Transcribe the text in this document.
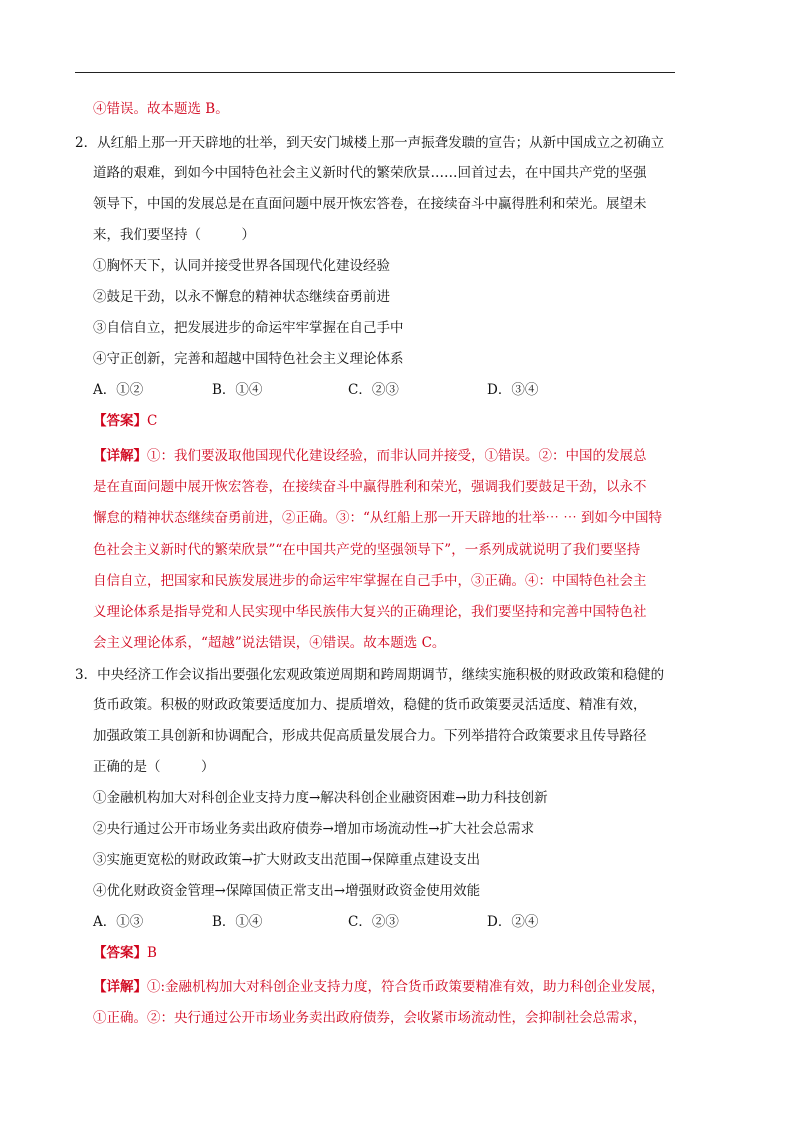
④错误。故本题选 B。
2．从红船上那一开天辟地的壮举，到天安门城楼上那一声振聋发聩的宣告；从新中国成立之初确立
道路的艰难，到如今中国特色社会主义新时代的繁荣欣景……回首过去，在中国共产党的坚强
领导下，中国的发展总是在直面问题中展开恢宏答卷，在接续奋斗中赢得胜利和荣光。展望未
来，我们要坚持（　　　）
①胸怀天下，认同并接受世界各国现代化建设经验
②鼓足干劲，以永不懈怠的精神状态继续奋勇前进
③自信自立，把发展进步的命运牢牢掌握在自己手中
④守正创新，完善和超越中国特色社会主义理论体系
A．①②	B．①④	C．②③	D．③④
【答案】C
【详解】①：我们要汲取他国现代化建设经验，而非认同并接受，①错误。②：中国的发展总
是在直面问题中展开恢宏答卷，在接续奋斗中赢得胜利和荣光，强调我们要鼓足干劲，以永不
懈怠的精神状态继续奋勇前进，②正确。③：“从红船上那一开天辟地的壮举⋯ ⋯ 到如今中国特
色社会主义新时代的繁荣欣景”“在中国共产党的坚强领导下”，一系列成就说明了我们要坚持
自信自立，把国家和民族发展进步的命运牢牢掌握在自己手中，③正确。④：中国特色社会主
义理论体系是指导党和人民实现中华民族伟大复兴的正确理论，我们要坚持和完善中国特色社
会主义理论体系，“超越”说法错误，④错误。故本题选 C。
3．中央经济工作会议指出要强化宏观政策逆周期和跨周期调节，继续实施积极的财政政策和稳健的
货币政策。积极的财政政策要适度加力、提质增效，稳健的货币政策要灵活适度、精准有效，
加强政策工具创新和协调配合，形成共促高质量发展合力。下列举措符合政策要求且传导路径
正确的是（　　　）
①金融机构加大对科创企业支持力度→解决科创企业融资困难→助力科技创新
②央行通过公开市场业务卖出政府债券→增加市场流动性→扩大社会总需求
③实施更宽松的财政政策→扩大财政支出范围→保障重点建设支出
④优化财政资金管理→保障国债正常支出→增强财政资金使用效能
A．①③	B．①④	C．②③	D．②④
【答案】B
【详解】①:金融机构加大对科创企业支持力度，符合货币政策要精准有效，助力科创企业发展，
①正确。②：央行通过公开市场业务卖出政府债券，会收紧市场流动性，会抑制社会总需求，
